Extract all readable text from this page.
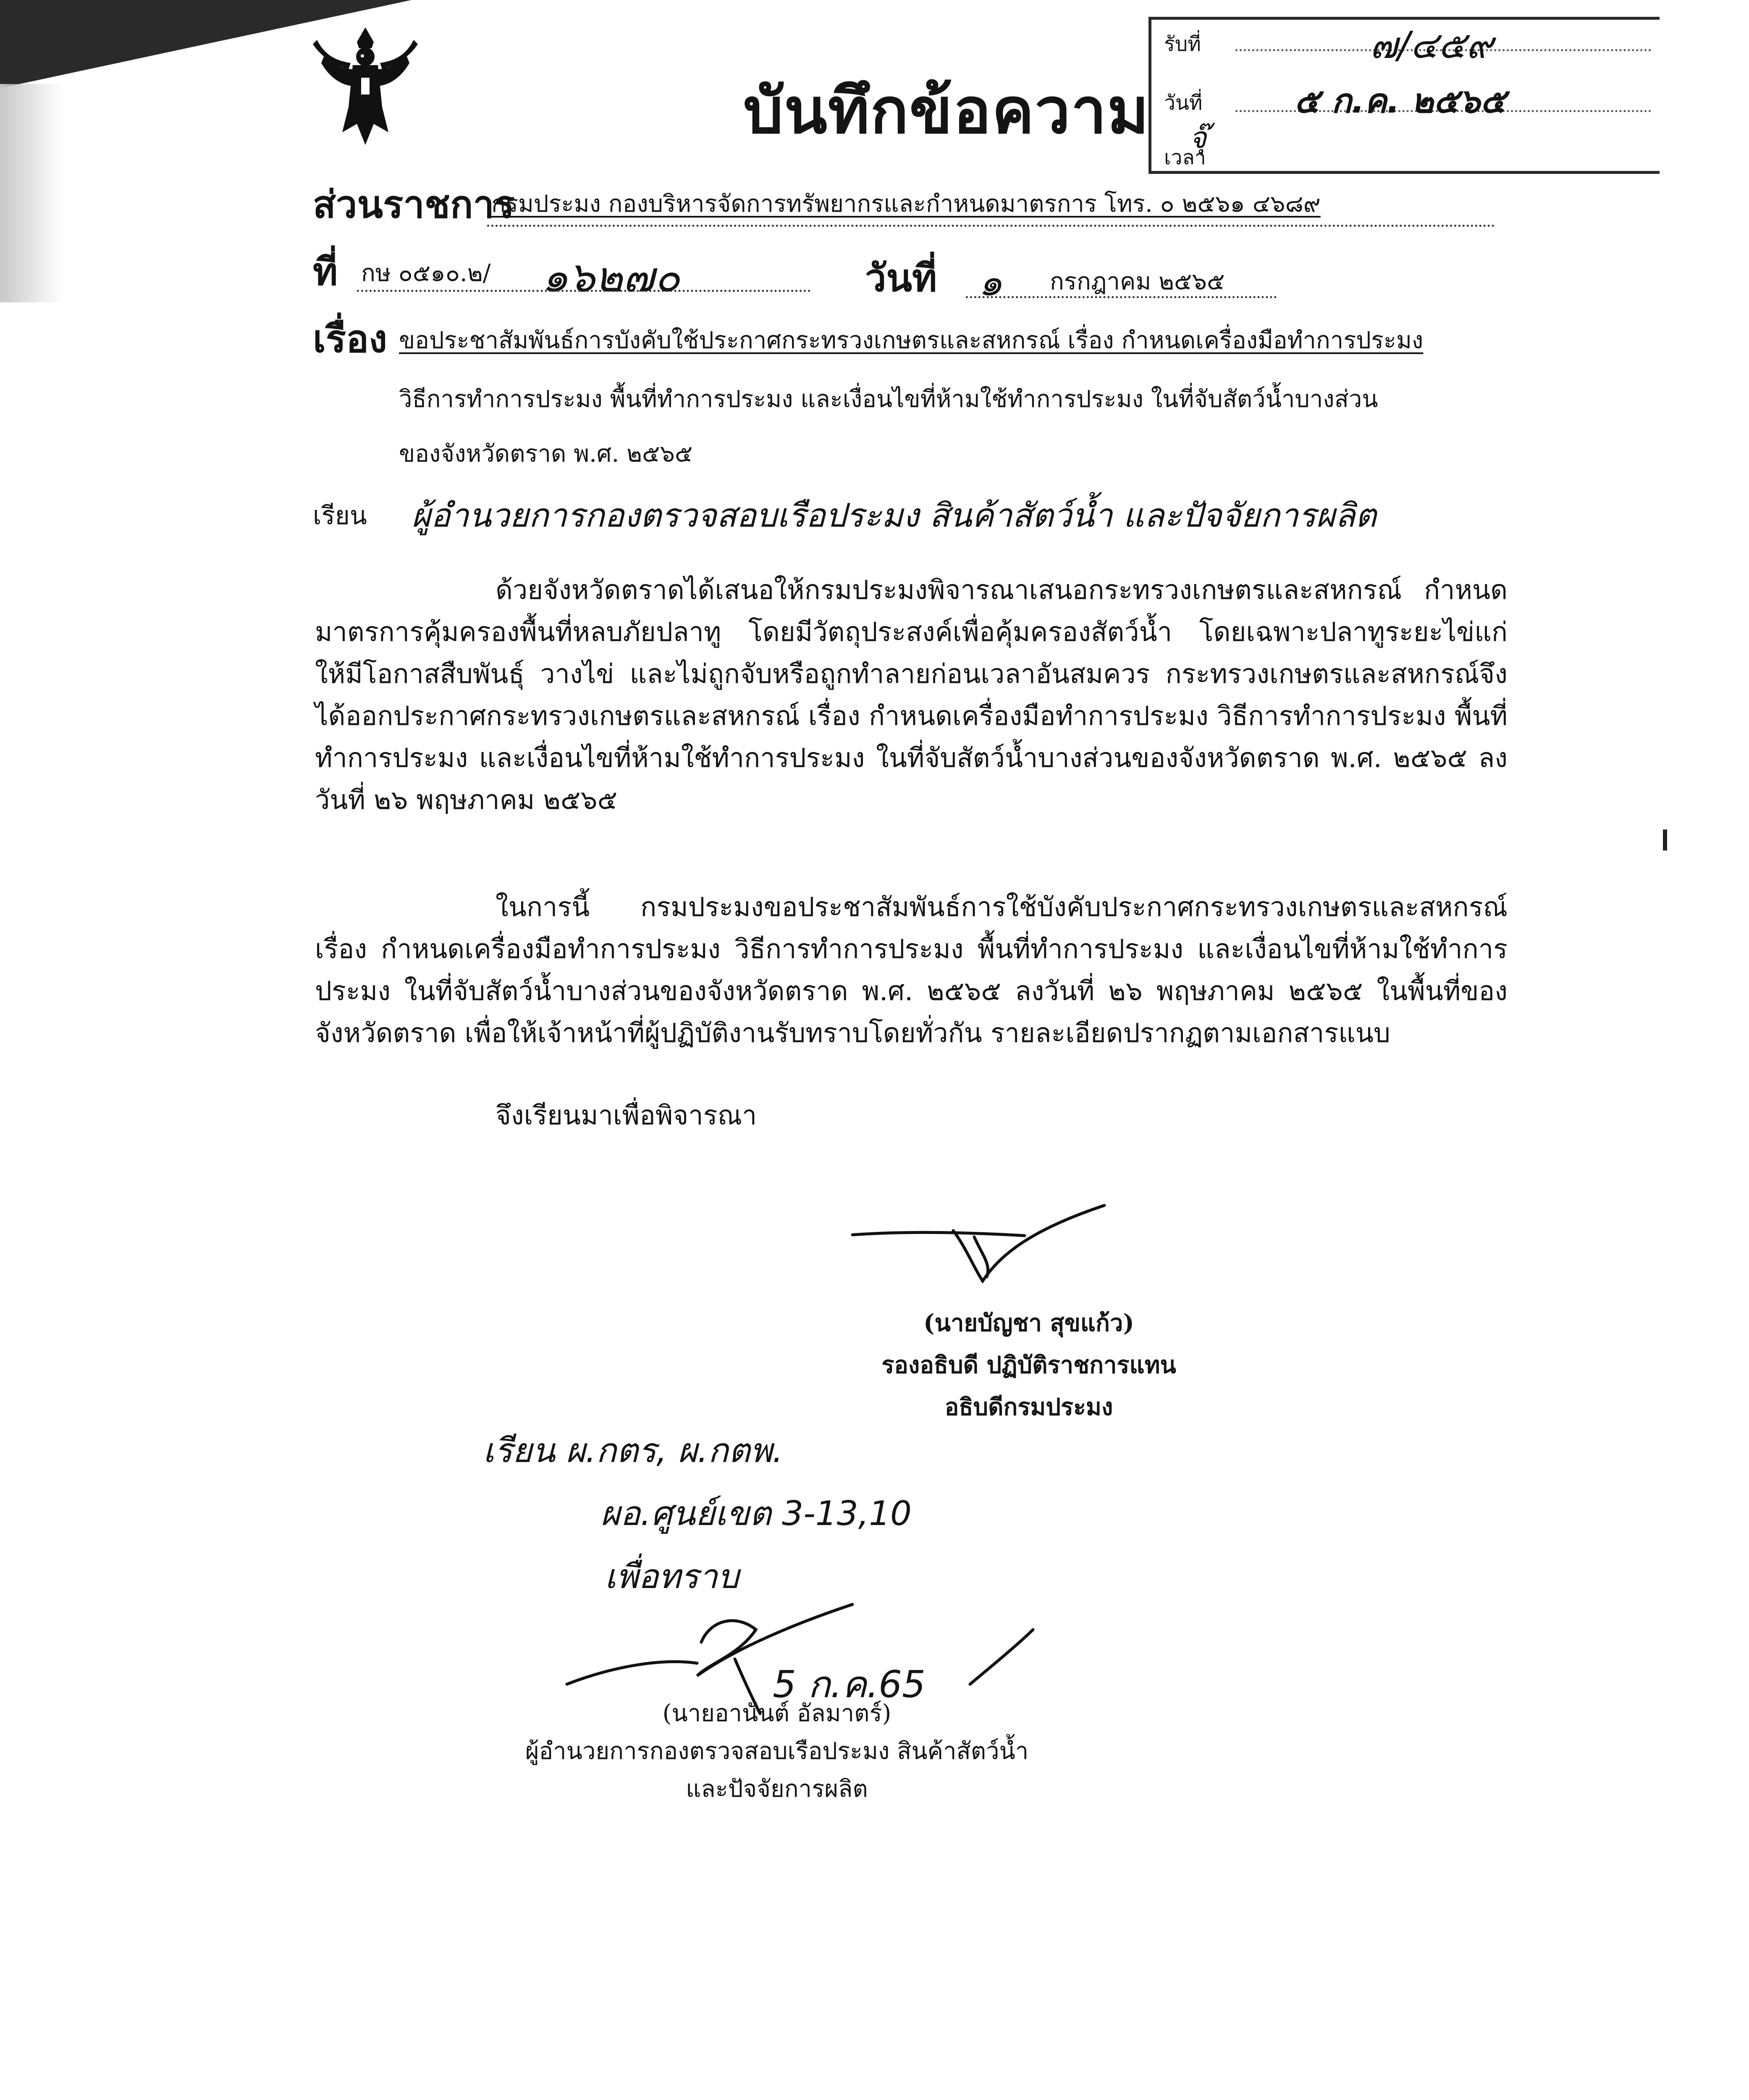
บันทึกข้อความ
รับที่	๗/๔๕๙
วันที่	๕ ก.ค. ๒๕๖๕
เวลา
จุ๊
ส่วนราชการ
กรมประมง กองบริหารจัดการทรัพยากรและกำหนดมาตรการ โทร. ๐ ๒๕๖๑ ๔๖๘๙
ที่ กษ ๐๕๑๐.๒/ ๑๖๒๗๐	วันที่ ๑ กรกฎาคม ๒๕๖๕
เรื่อง ขอประชาสัมพันธ์การบังคับใช้ประกาศกระทรวงเกษตรและสหกรณ์ เรื่อง กำหนดเครื่องมือทำการประมง
วิธีการทำการประมง พื้นที่ทำการประมง และเงื่อนไขที่ห้ามใช้ทำการประมง ในที่จับสัตว์น้ำบางส่วน
ของจังหวัดตราด พ.ศ. ๒๕๖๕
เรียน ผู้อำนวยการกองตรวจสอบเรือประมง สินค้าสัตว์น้ำ และปัจจัยการผลิต

ด้วยจังหวัดตราดได้เสนอให้กรมประมงพิจารณาเสนอกระทรวงเกษตรและสหกรณ์ กำหนดมาตรการคุ้มครองพื้นที่หลบภัยปลาทู โดยมีวัตถุประสงค์เพื่อคุ้มครองสัตว์น้ำ โดยเฉพาะปลาทูระยะไข่แก่ ให้มีโอกาสสืบพันธุ์ วางไข่ และไม่ถูกจับหรือถูกทำลายก่อนเวลาอันสมควร กระทรวงเกษตรและสหกรณ์จึงได้ออกประกาศกระทรวงเกษตรและสหกรณ์ เรื่อง กำหนดเครื่องมือทำการประมง วิธีการทำการประมง พื้นที่ทำการประมง และเงื่อนไขที่ห้ามใช้ทำการประมง ในที่จับสัตว์น้ำบางส่วนของจังหวัดตราด พ.ศ. ๒๕๖๕ ลงวันที่ ๒๖ พฤษภาคม ๒๕๖๕

ในการนี้ กรมประมงขอประชาสัมพันธ์การใช้บังคับประกาศกระทรวงเกษตรและสหกรณ์ เรื่อง กำหนดเครื่องมือทำการประมง วิธีการทำการประมง พื้นที่ทำการประมง และเงื่อนไขที่ห้ามใช้ทำการประมง ในที่จับสัตว์น้ำบางส่วนของจังหวัดตราด พ.ศ. ๒๕๖๕ ลงวันที่ ๒๖ พฤษภาคม ๒๕๖๕ ในพื้นที่ของจังหวัดตราด เพื่อให้เจ้าหน้าที่ผู้ปฏิบัติงานรับทราบโดยทั่วกัน รายละเอียดปรากฏตามเอกสารแนบ

จึงเรียนมาเพื่อพิจารณา
(นายบัญชา สุขแก้ว)
รองอธิบดี ปฏิบัติราชการแทน
อธิบดีกรมประมง
เรียน ผ.กตร, ผ.กตพ.
ผอ.ศูนย์เขต 3-13,10
เพื่อทราบ
5 ก.ค.65
(นายอานันต์ อัลมาตร์)
ผู้อำนวยการกองตรวจสอบเรือประมง สินค้าสัตว์น้ำ
และปัจจัยการผลิต
